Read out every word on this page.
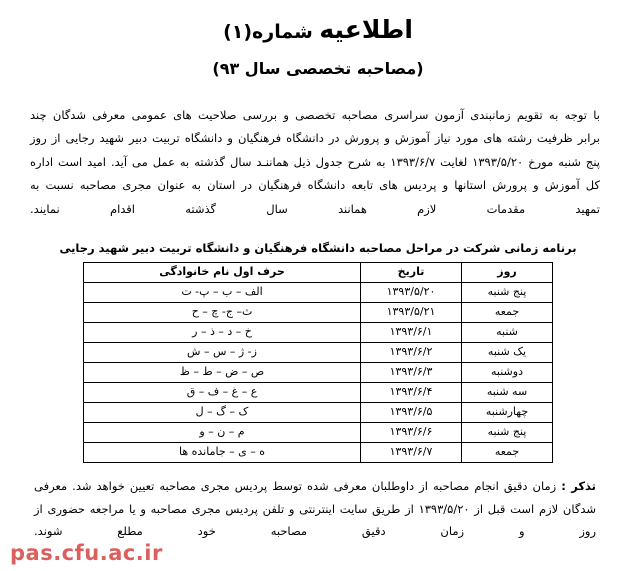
اطلاعیه شماره(۱)
(مصاحبه تخصصی سال ۹۳)

با توجه به تقویم زمانبندی آزمون سراسری مصاحبه تخصصی و بررسی صلاحیت های عمومی معرفی شدگان چند برابر ظرفیت رشته های مورد نیاز آموزش و پرورش در دانشگاه فرهنگیان و دانشگاه تربیت دبیر شهید رجایی از روز پنج شنبه مورخ ۱۳۹۳/۵/۲۰ لغایت ۱۳۹۳/۶/۷ به شرح جدول ذیل هماننـد سال گذشته به عمل می آید. امید است اداره کل آموزش و پرورش استانها و پردیس های تابعه دانشگاه فرهنگیان در استان به عنوان مجری مصاحبه نسبت به تمهید مقدمات لازم همانند سال گذشته اقدام نمایند.

برنامه زمانی شرکت در مراحل مصاحبه دانشگاه فرهنگیان و دانشگاه تربیت دبیر شهید رجایی
روز	تاریخ	حرف اول نام خانوادگی
پنج شنبه	۱۳۹۳/۵/۲۰	الف – ب – پ- ت
جمعه	۱۳۹۳/۵/۲۱	ث– ج- چ – ح
شنبه	۱۳۹۳/۶/۱	خ – د – ذ – ر
یک شنبه	۱۳۹۳/۶/۲	ز- ژ – س – ش
دوشنبه	۱۳۹۳/۶/۳	ص – ض – ط – ظ
سه شنبه	۱۳۹۳/۶/۴	ع – غ – ف – ق
چهارشنبه	۱۳۹۳/۶/۵	ک – گ – ل
پنج شنبه	۱۳۹۳/۶/۶	م – ن – و
جمعه	۱۳۹۳/۶/۷	ه – ی – جامانده ها
تذکر : زمان دقیق انجام مصاحبه از داوطلبان معرفی شده توسط پردیس مجری مصاحبه تعیین خواهد شد. معرفی شدگان لازم است قبل از ۱۳۹۳/۵/۲۰ از طریق سایت اینترنتی و تلفن پردیس مجری مصاحبه و یا مراجعه حضوری از روز و زمان دقیق مصاحبه خود مطلع شوند.
pas.cfu.ac.ir
